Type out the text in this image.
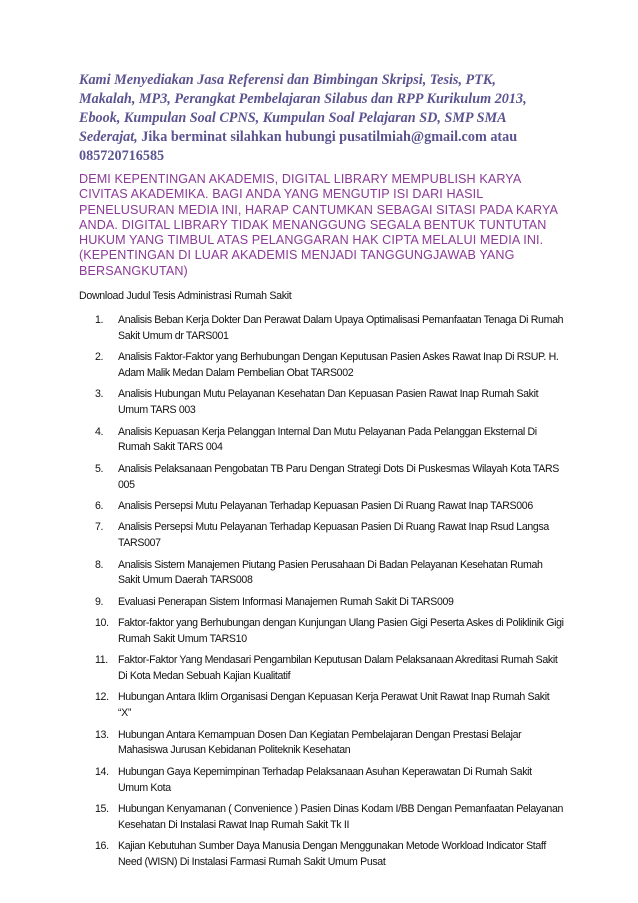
Kami Menyediakan Jasa Referensi dan Bimbingan Skripsi, Tesis, PTK, Makalah, MP3, Perangkat Pembelajaran Silabus dan RPP Kurikulum 2013, Ebook, Kumpulan Soal CPNS, Kumpulan Soal Pelajaran SD, SMP SMA Sederajat, Jika berminat silahkan hubungi pusatilmiah@gmail.com atau 085720716585
DEMI KEPENTINGAN AKADEMIS, DIGITAL LIBRARY MEMPUBLISH KARYA CIVITAS AKADEMIKA. BAGI ANDA YANG MENGUTIP ISI DARI HASIL PENELUSURAN MEDIA INI, HARAP CANTUMKAN SEBAGAI SITASI PADA KARYA ANDA. DIGITAL LIBRARY TIDAK MENANGGUNG SEGALA BENTUK TUNTUTAN HUKUM YANG TIMBUL ATAS PELANGGARAN HAK CIPTA MELALUI MEDIA INI. (KEPENTINGAN DI LUAR AKADEMIS MENJADI TANGGUNGJAWAB YANG BERSANGKUTAN)
Download Judul Tesis Administrasi Rumah Sakit
1. Analisis Beban Kerja Dokter Dan Perawat Dalam Upaya Optimalisasi Pemanfaatan Tenaga Di Rumah Sakit Umum dr TARS001
2. Analisis Faktor-Faktor yang Berhubungan Dengan Keputusan Pasien Askes Rawat Inap Di RSUP. H. Adam Malik Medan Dalam Pembelian Obat TARS002
3. Analisis Hubungan Mutu Pelayanan Kesehatan Dan Kepuasan Pasien Rawat Inap Rumah Sakit Umum TARS 003
4. Analisis Kepuasan Kerja Pelanggan Internal Dan Mutu Pelayanan Pada Pelanggan Eksternal Di Rumah Sakit TARS 004
5. Analisis Pelaksanaan Pengobatan TB Paru Dengan Strategi Dots Di Puskesmas Wilayah Kota TARS 005
6. Analisis Persepsi Mutu Pelayanan Terhadap Kepuasan Pasien Di Ruang Rawat Inap TARS006
7. Analisis Persepsi Mutu Pelayanan Terhadap Kepuasan Pasien Di Ruang Rawat Inap Rsud Langsa TARS007
8. Analisis Sistem Manajemen Piutang Pasien Perusahaan Di Badan Pelayanan Kesehatan Rumah Sakit Umum Daerah TARS008
9. Evaluasi Penerapan Sistem Informasi Manajemen Rumah Sakit Di TARS009
10. Faktor-faktor yang Berhubungan dengan Kunjungan Ulang Pasien Gigi Peserta Askes di Poliklinik Gigi Rumah Sakit Umum TARS10
11. Faktor-Faktor Yang Mendasari Pengambilan Keputusan Dalam Pelaksanaan Akreditasi Rumah Sakit Di Kota Medan Sebuah Kajian Kualitatif
12. Hubungan Antara Iklim Organisasi Dengan Kepuasan Kerja Perawat Unit Rawat Inap Rumah Sakit “X”
13. Hubungan Antara Kemampuan Dosen Dan Kegiatan Pembelajaran Dengan Prestasi Belajar Mahasiswa Jurusan Kebidanan Politeknik Kesehatan
14. Hubungan Gaya Kepemimpinan Terhadap Pelaksanaan Asuhan Keperawatan Di Rumah Sakit Umum Kota
15. Hubungan Kenyamanan ( Convenience ) Pasien Dinas Kodam I/BB Dengan Pemanfaatan Pelayanan Kesehatan Di Instalasi Rawat Inap Rumah Sakit Tk II
16. Kajian Kebutuhan Sumber Daya Manusia Dengan Menggunakan Metode Workload Indicator Staff Need (WISN) Di Instalasi Farmasi Rumah Sakit Umum Pusat
